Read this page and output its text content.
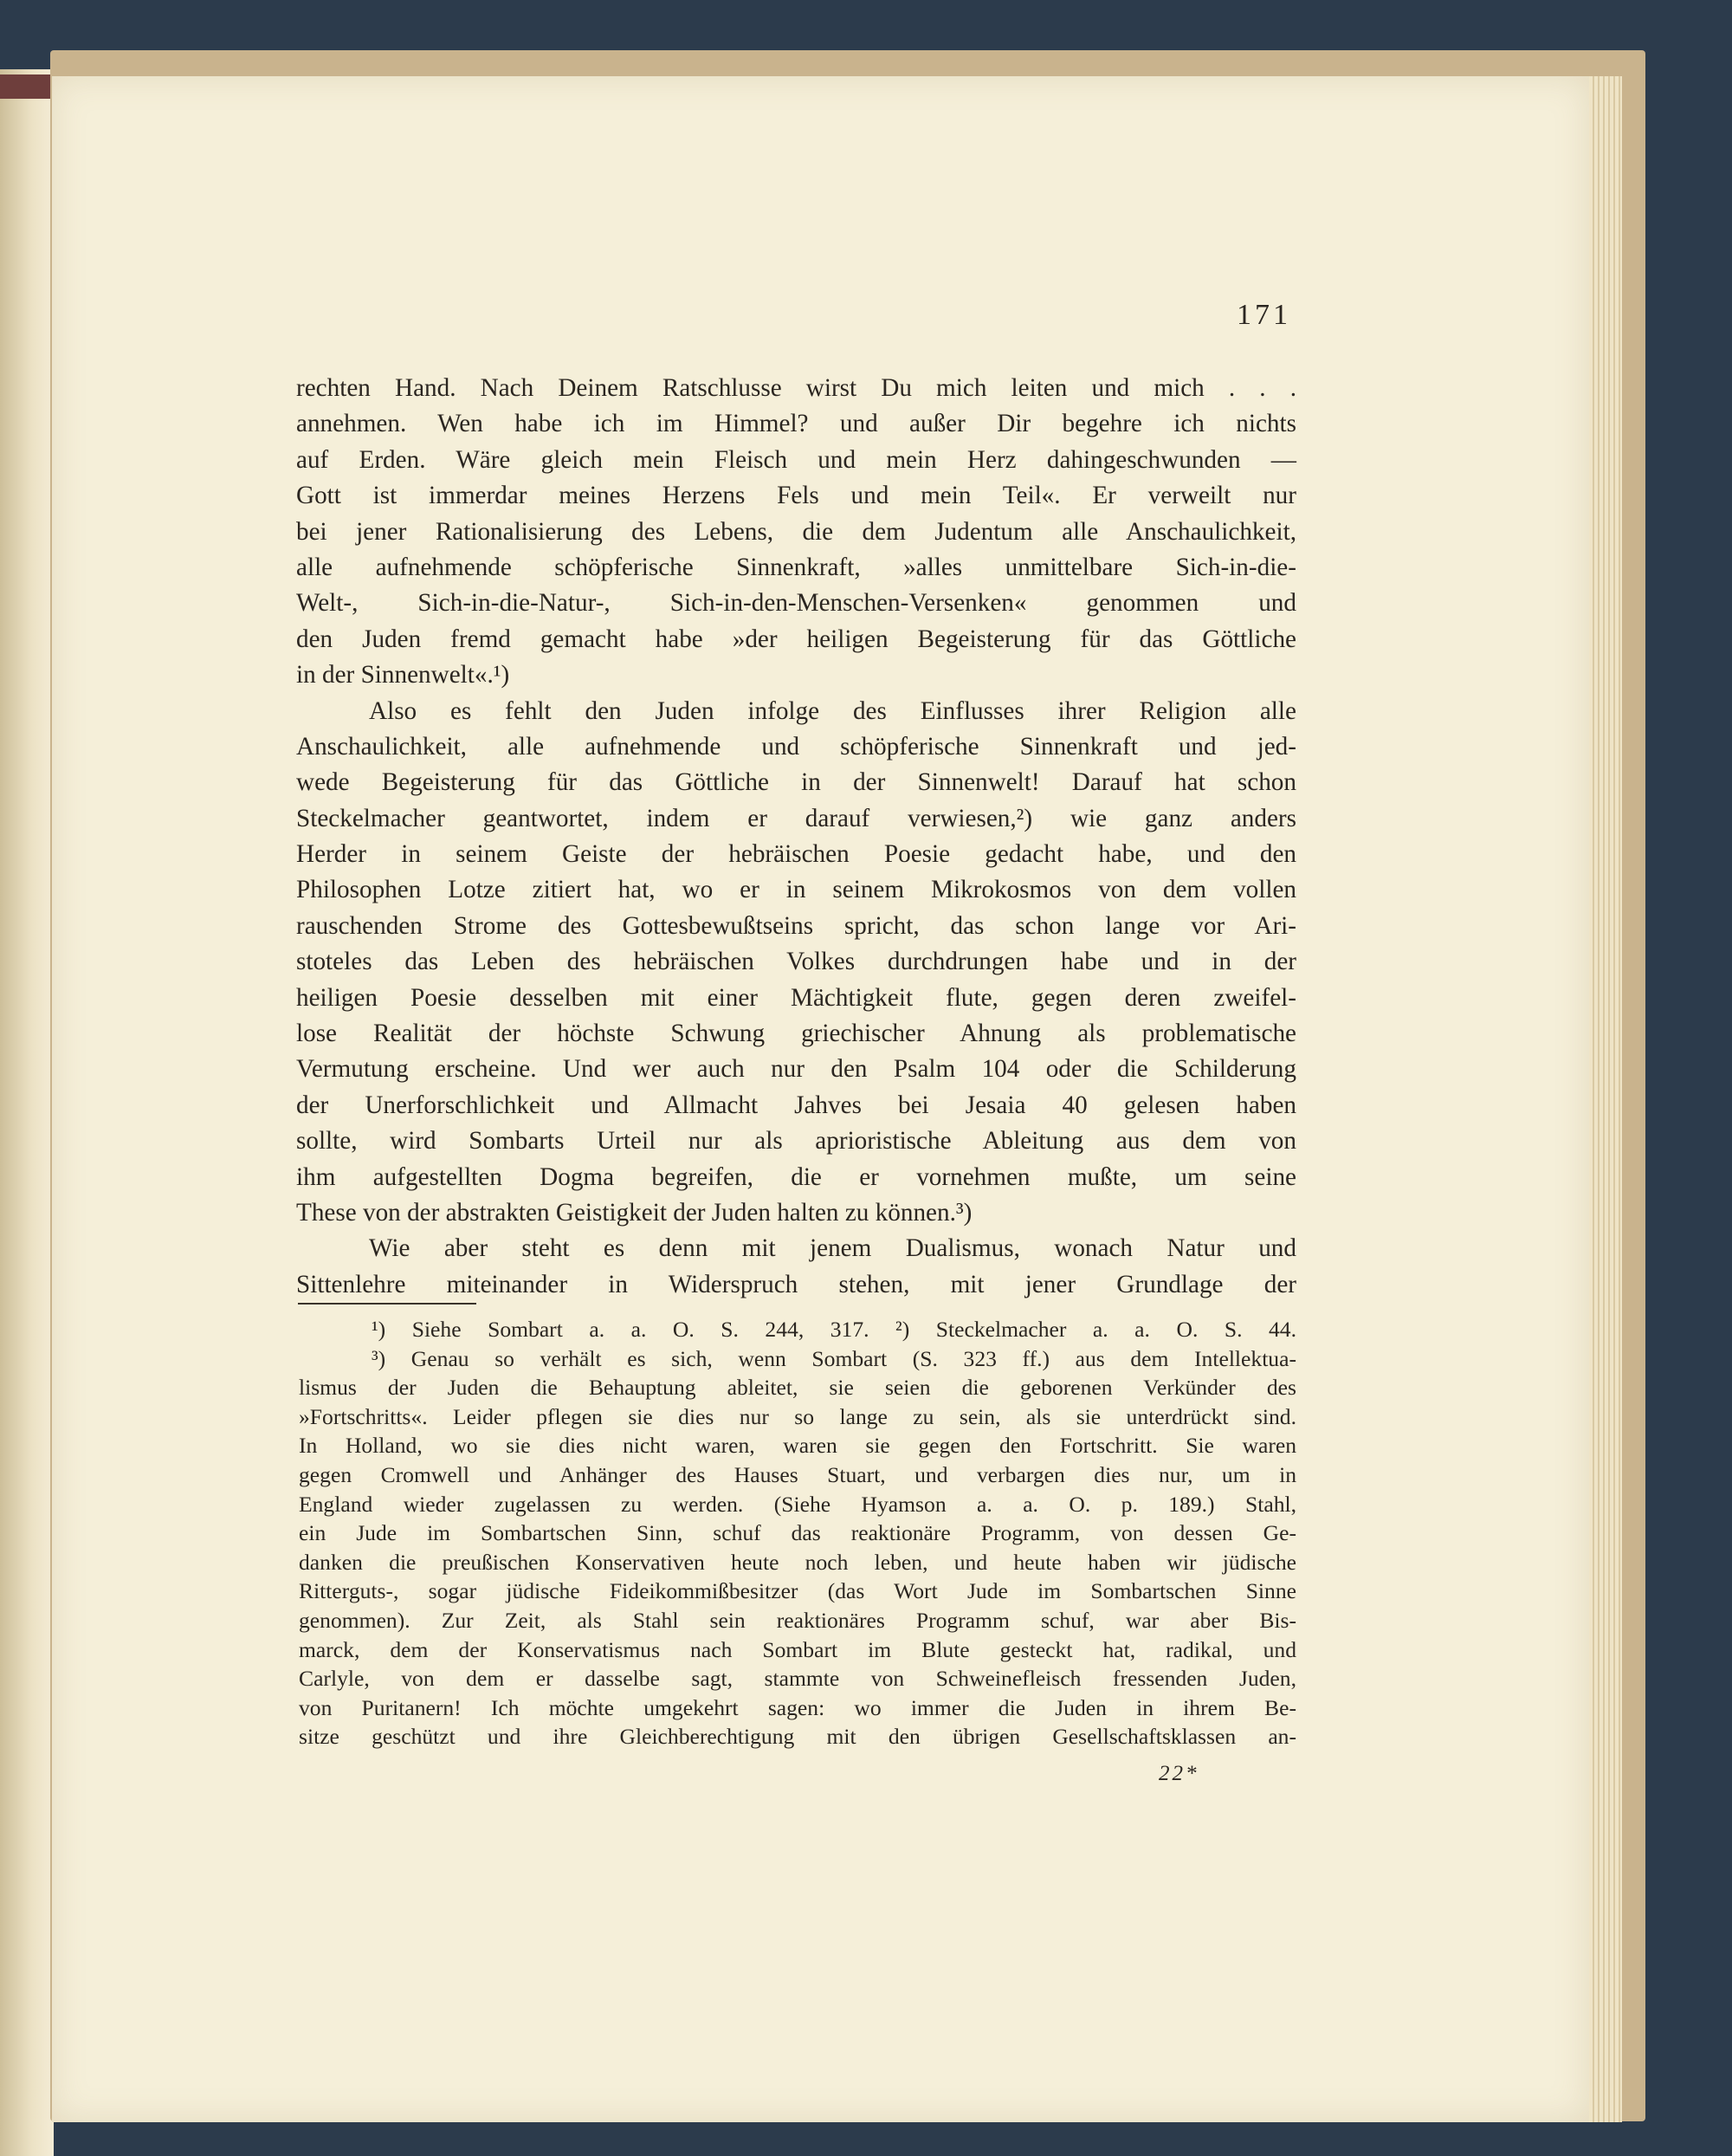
171
rechten Hand. Nach Deinem Ratschlusse wirst Du mich leiten und mich . . .
annehmen. Wen habe ich im Himmel? und außer Dir begehre ich nichts
auf Erden. Wäre gleich mein Fleisch und mein Herz dahingeschwunden —
Gott ist immerdar meines Herzens Fels und mein Teil«. Er verweilt nur
bei jener Rationalisierung des Lebens, die dem Judentum alle Anschaulichkeit,
alle aufnehmende schöpferische Sinnenkraft, »alles unmittelbare Sich-in-die-
Welt-, Sich-in-die-Natur-, Sich-in-den-Menschen-Versenken« genommen und
den Juden fremd gemacht habe »der heiligen Begeisterung für das Göttliche
in der Sinnenwelt«.¹)
Also es fehlt den Juden infolge des Einflusses ihrer Religion alle
Anschaulichkeit, alle aufnehmende und schöpferische Sinnenkraft und jed-
wede Begeisterung für das Göttliche in der Sinnenwelt! Darauf hat schon
Steckelmacher geantwortet, indem er darauf verwiesen,²) wie ganz anders
Herder in seinem Geiste der hebräischen Poesie gedacht habe, und den
Philosophen Lotze zitiert hat, wo er in seinem Mikrokosmos von dem vollen
rauschenden Strome des Gottesbewußtseins spricht, das schon lange vor Ari-
stoteles das Leben des hebräischen Volkes durchdrungen habe und in der
heiligen Poesie desselben mit einer Mächtigkeit flute, gegen deren zweifel-
lose Realität der höchste Schwung griechischer Ahnung als problematische
Vermutung erscheine. Und wer auch nur den Psalm 104 oder die Schilderung
der Unerforschlichkeit und Allmacht Jahves bei Jesaia 40 gelesen haben
sollte, wird Sombarts Urteil nur als aprioristische Ableitung aus dem von
ihm aufgestellten Dogma begreifen, die er vornehmen mußte, um seine
These von der abstrakten Geistigkeit der Juden halten zu können.³)
Wie aber steht es denn mit jenem Dualismus, wonach Natur und
Sittenlehre miteinander in Widerspruch stehen, mit jener Grundlage der
¹) Siehe Sombart a. a. O. S. 244, 317. ²) Steckelmacher a. a. O. S. 44.
³) Genau so verhält es sich, wenn Sombart (S. 323 ff.) aus dem Intellektua-
lismus der Juden die Behauptung ableitet, sie seien die geborenen Verkünder des
»Fortschritts«. Leider pflegen sie dies nur so lange zu sein, als sie unterdrückt sind.
In Holland, wo sie dies nicht waren, waren sie gegen den Fortschritt. Sie waren
gegen Cromwell und Anhänger des Hauses Stuart, und verbargen dies nur, um in
England wieder zugelassen zu werden. (Siehe Hyamson a. a. O. p. 189.) Stahl,
ein Jude im Sombartschen Sinn, schuf das reaktionäre Programm, von dessen Ge-
danken die preußischen Konservativen heute noch leben, und heute haben wir jüdische
Ritterguts-, sogar jüdische Fideikommißbesitzer (das Wort Jude im Sombartschen Sinne
genommen). Zur Zeit, als Stahl sein reaktionäres Programm schuf, war aber Bis-
marck, dem der Konservatismus nach Sombart im Blute gesteckt hat, radikal, und
Carlyle, von dem er dasselbe sagt, stammte von Schweinefleisch fressenden Juden,
von Puritanern! Ich möchte umgekehrt sagen: wo immer die Juden in ihrem Be-
sitze geschützt und ihre Gleichberechtigung mit den übrigen Gesellschaftsklassen an-
22*
